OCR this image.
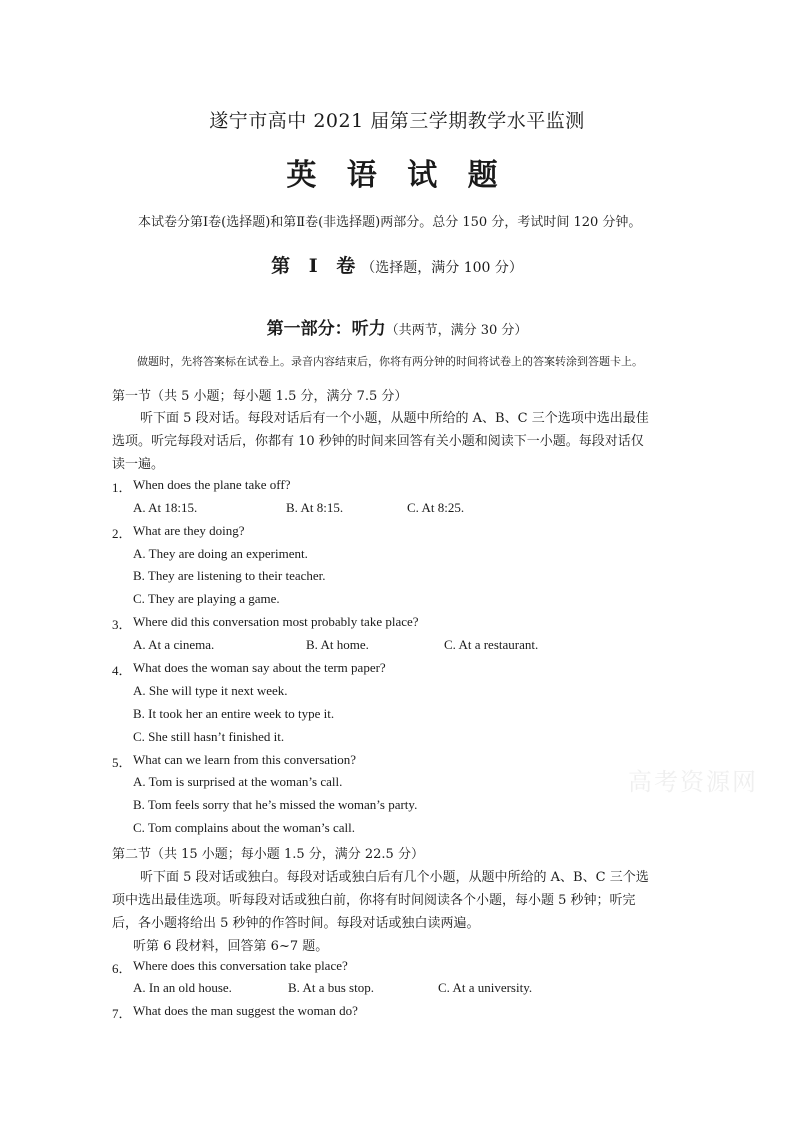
遂宁市高中 2021 届第三学期教学水平监测
英 语 试 题
本试卷分第Ⅰ卷(选择题)和第Ⅱ卷(非选择题)两部分。总分 150 分，考试时间 120 分钟。
第 Ⅰ 卷（选择题，满分 100 分）
第一部分：听力（共两节，满分 30 分）
做题时，先将答案标在试卷上。录音内容结束后，你将有两分钟的时间将试卷上的答案转涂到答题卡上。
第一节（共 5 小题；每小题 1.5 分，满分 7.5 分）
听下面 5 段对话。每段对话后有一个小题，从题中所给的 A、B、C 三个选项中选出最佳
选项。听完每段对话后，你都有 10 秒钟的时间来回答有关小题和阅读下一小题。每段对话仅
读一遍。
1． When does the plane take off?
A. At 18:15.	B. At 8:15.	C. At 8:25.
2． What are they doing?
A. They are doing an experiment.
B. They are listening to their teacher.
C. They are playing a game.
3． Where did this conversation most probably take place?
A. At a cinema.	B. At home.	C. At a restaurant.
4． What does the woman say about the term paper?
A. She will type it next week.
B. It took her an entire week to type it.
C. She still hasn’t finished it.
5． What can we learn from this conversation?
A. Tom is surprised at the woman’s call.
B. Tom feels sorry that he’s missed the woman’s party.
C. Tom complains about the woman’s call.
第二节（共 15 小题；每小题 1.5 分，满分 22.5 分）
听下面 5 段对话或独白。每段对话或独白后有几个小题，从题中所给的 A、B、C 三个选
项中选出最佳选项。听每段对话或独白前，你将有时间阅读各个小题，每小题 5 秒钟；听完
后，各小题将给出 5 秒钟的作答时间。每段对话或独白读两遍。
听第 6 段材料，回答第 6~7 题。
6． Where does this conversation take place?
A. In an old house.	B. At a bus stop.	C. At a university.
7． What does the man suggest the woman do?
高考资源网
